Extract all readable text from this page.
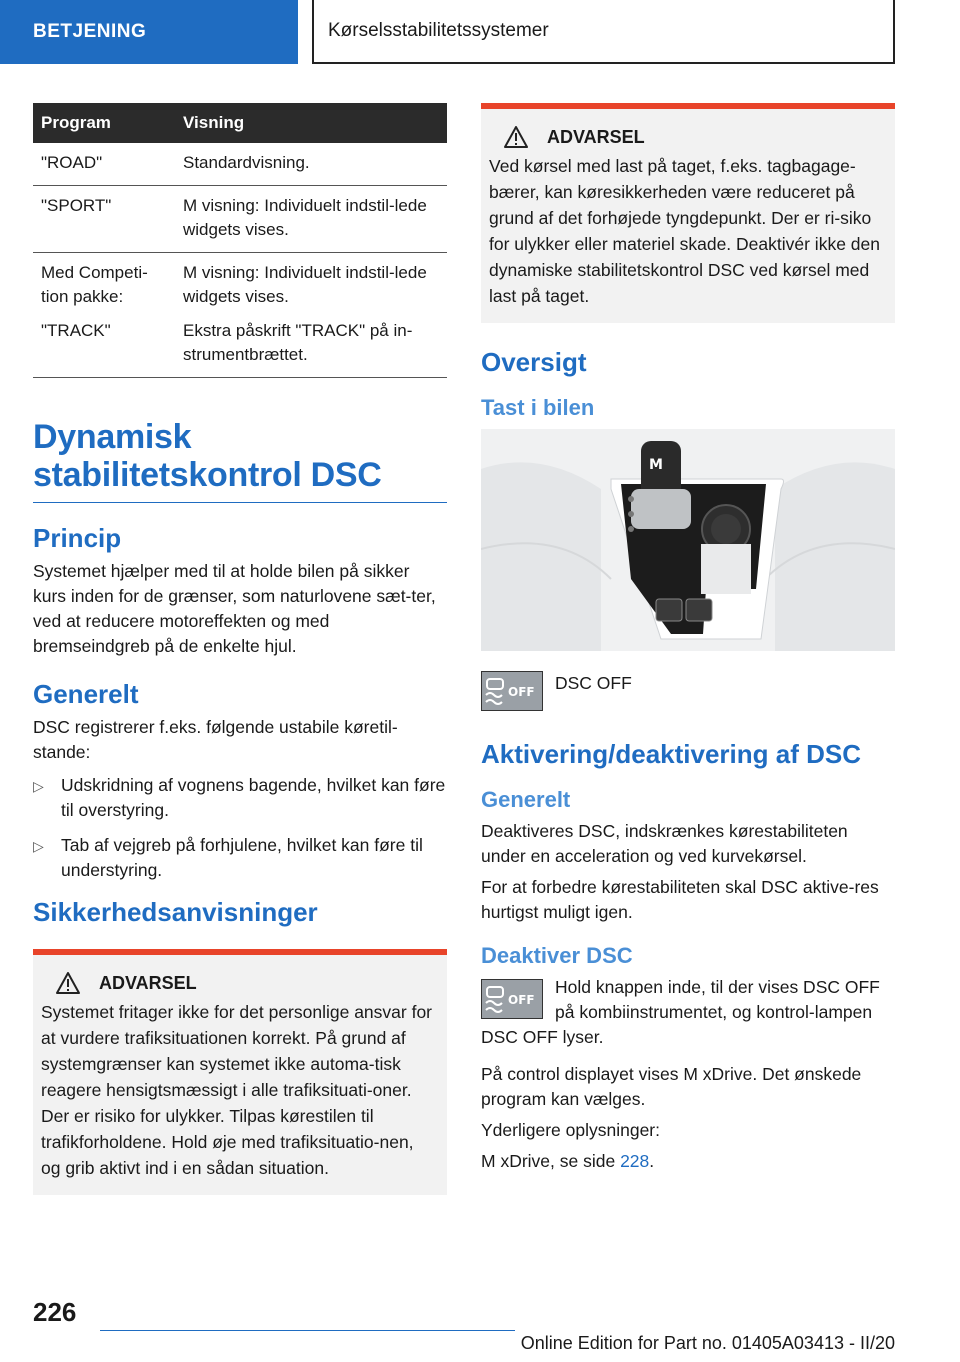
BETJENING	Kørselsstabilitetssystemer
Program	Visning
"ROAD"	Standardvisning.
"SPORT"	M visning: Individuelt indstil-lede widgets vises.
Med Competi-tion pakke:	M visning: Individuelt indstil-lede widgets vises.
"TRACK"	Ekstra påskrift "TRACK" på in-strumentbrættet.
Dynamisk stabilitetskontrol DSC
Princip

Systemet hjælper med til at holde bilen på sikker kurs inden for de grænser, som naturlovene sæt-ter, ved at reducere motoreffekten og med bremseindgreb på de enkelte hjul.

Generelt

DSC registrerer f.eks. følgende ustabile køretil-stande:

▷ Udskridning af vognens bagende, hvilket kan føre til overstyring.
▷ Tab af vejgreb på forhjulene, hvilket kan føre til understyring.
Sikkerhedsanvisninger
ADVARSEL

Systemet fritager ikke for det personlige ansvar for at vurdere trafiksituationen korrekt. På grund af systemgrænser kan systemet ikke automa-tisk reagere hensigtsmæssigt i alle trafiksituati-oner. Der er risiko for ulykker. Tilpas kørestilen til trafikforholdene. Hold øje med trafiksituatio-nen, og grib aktivt ind i en sådan situation.

ADVARSEL

Ved kørsel med last på taget, f.eks. tagbagage-bærer, kan køresikkerheden være reduceret på grund af det forhøjede tyngdepunkt. Der er ri-siko for ulykker eller materiel skade. Deaktivér ikke den dynamiske stabilitetskontrol DSC ved kørsel med last på taget.

Oversigt
Tast i bilen
M
OFF DSC OFF

Aktivering/deaktivering af DSC
Generelt

Deaktiveres DSC, indskrænkes kørestabiliteten under en acceleration og ved kurvekørsel.

For at forbedre kørestabiliteten skal DSC aktive-res hurtigst muligt igen.

Deaktiver DSC
OFF

Hold knappen inde, til der vises DSC OFF på kombiinstrumentet, og kontrol-lampen DSC OFF lyser.

På control displayet vises M xDrive. Det ønskede program kan vælges.

Yderligere oplysninger:

M xDrive, se side 228.

226
Online Edition for Part no. 01405A03413 - II/20
